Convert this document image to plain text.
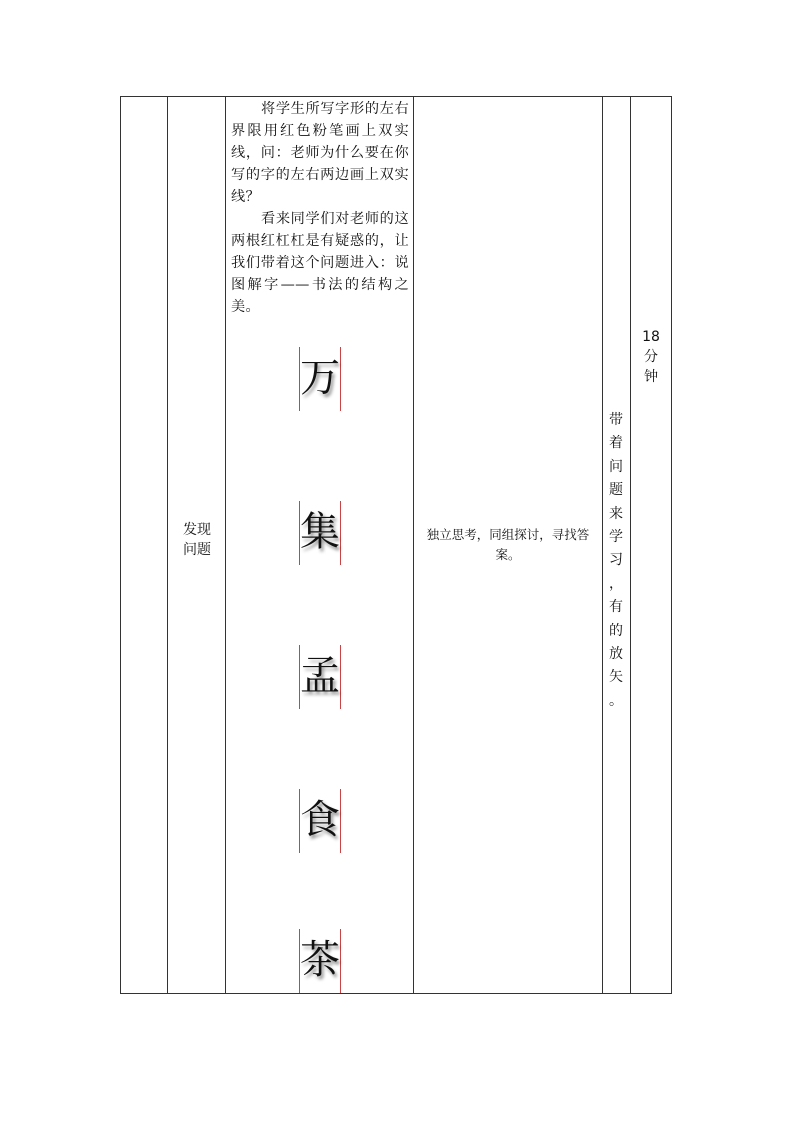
发现
问题

将学生所写字形的左右界限用红色粉笔画上双实线，问：老师为什么要在你写的字的左右两边画上双实线？

看来同学们对老师的这两根红杠杠是有疑惑的，让我们带着这个问题进入：说图解字——书法的结构之美。

万
集
孟
食
茶
独立思考，同组探讨，寻找答案。
带
着
问
题
来
学
习
，
有
的
放
矢
。
18
分
钟
